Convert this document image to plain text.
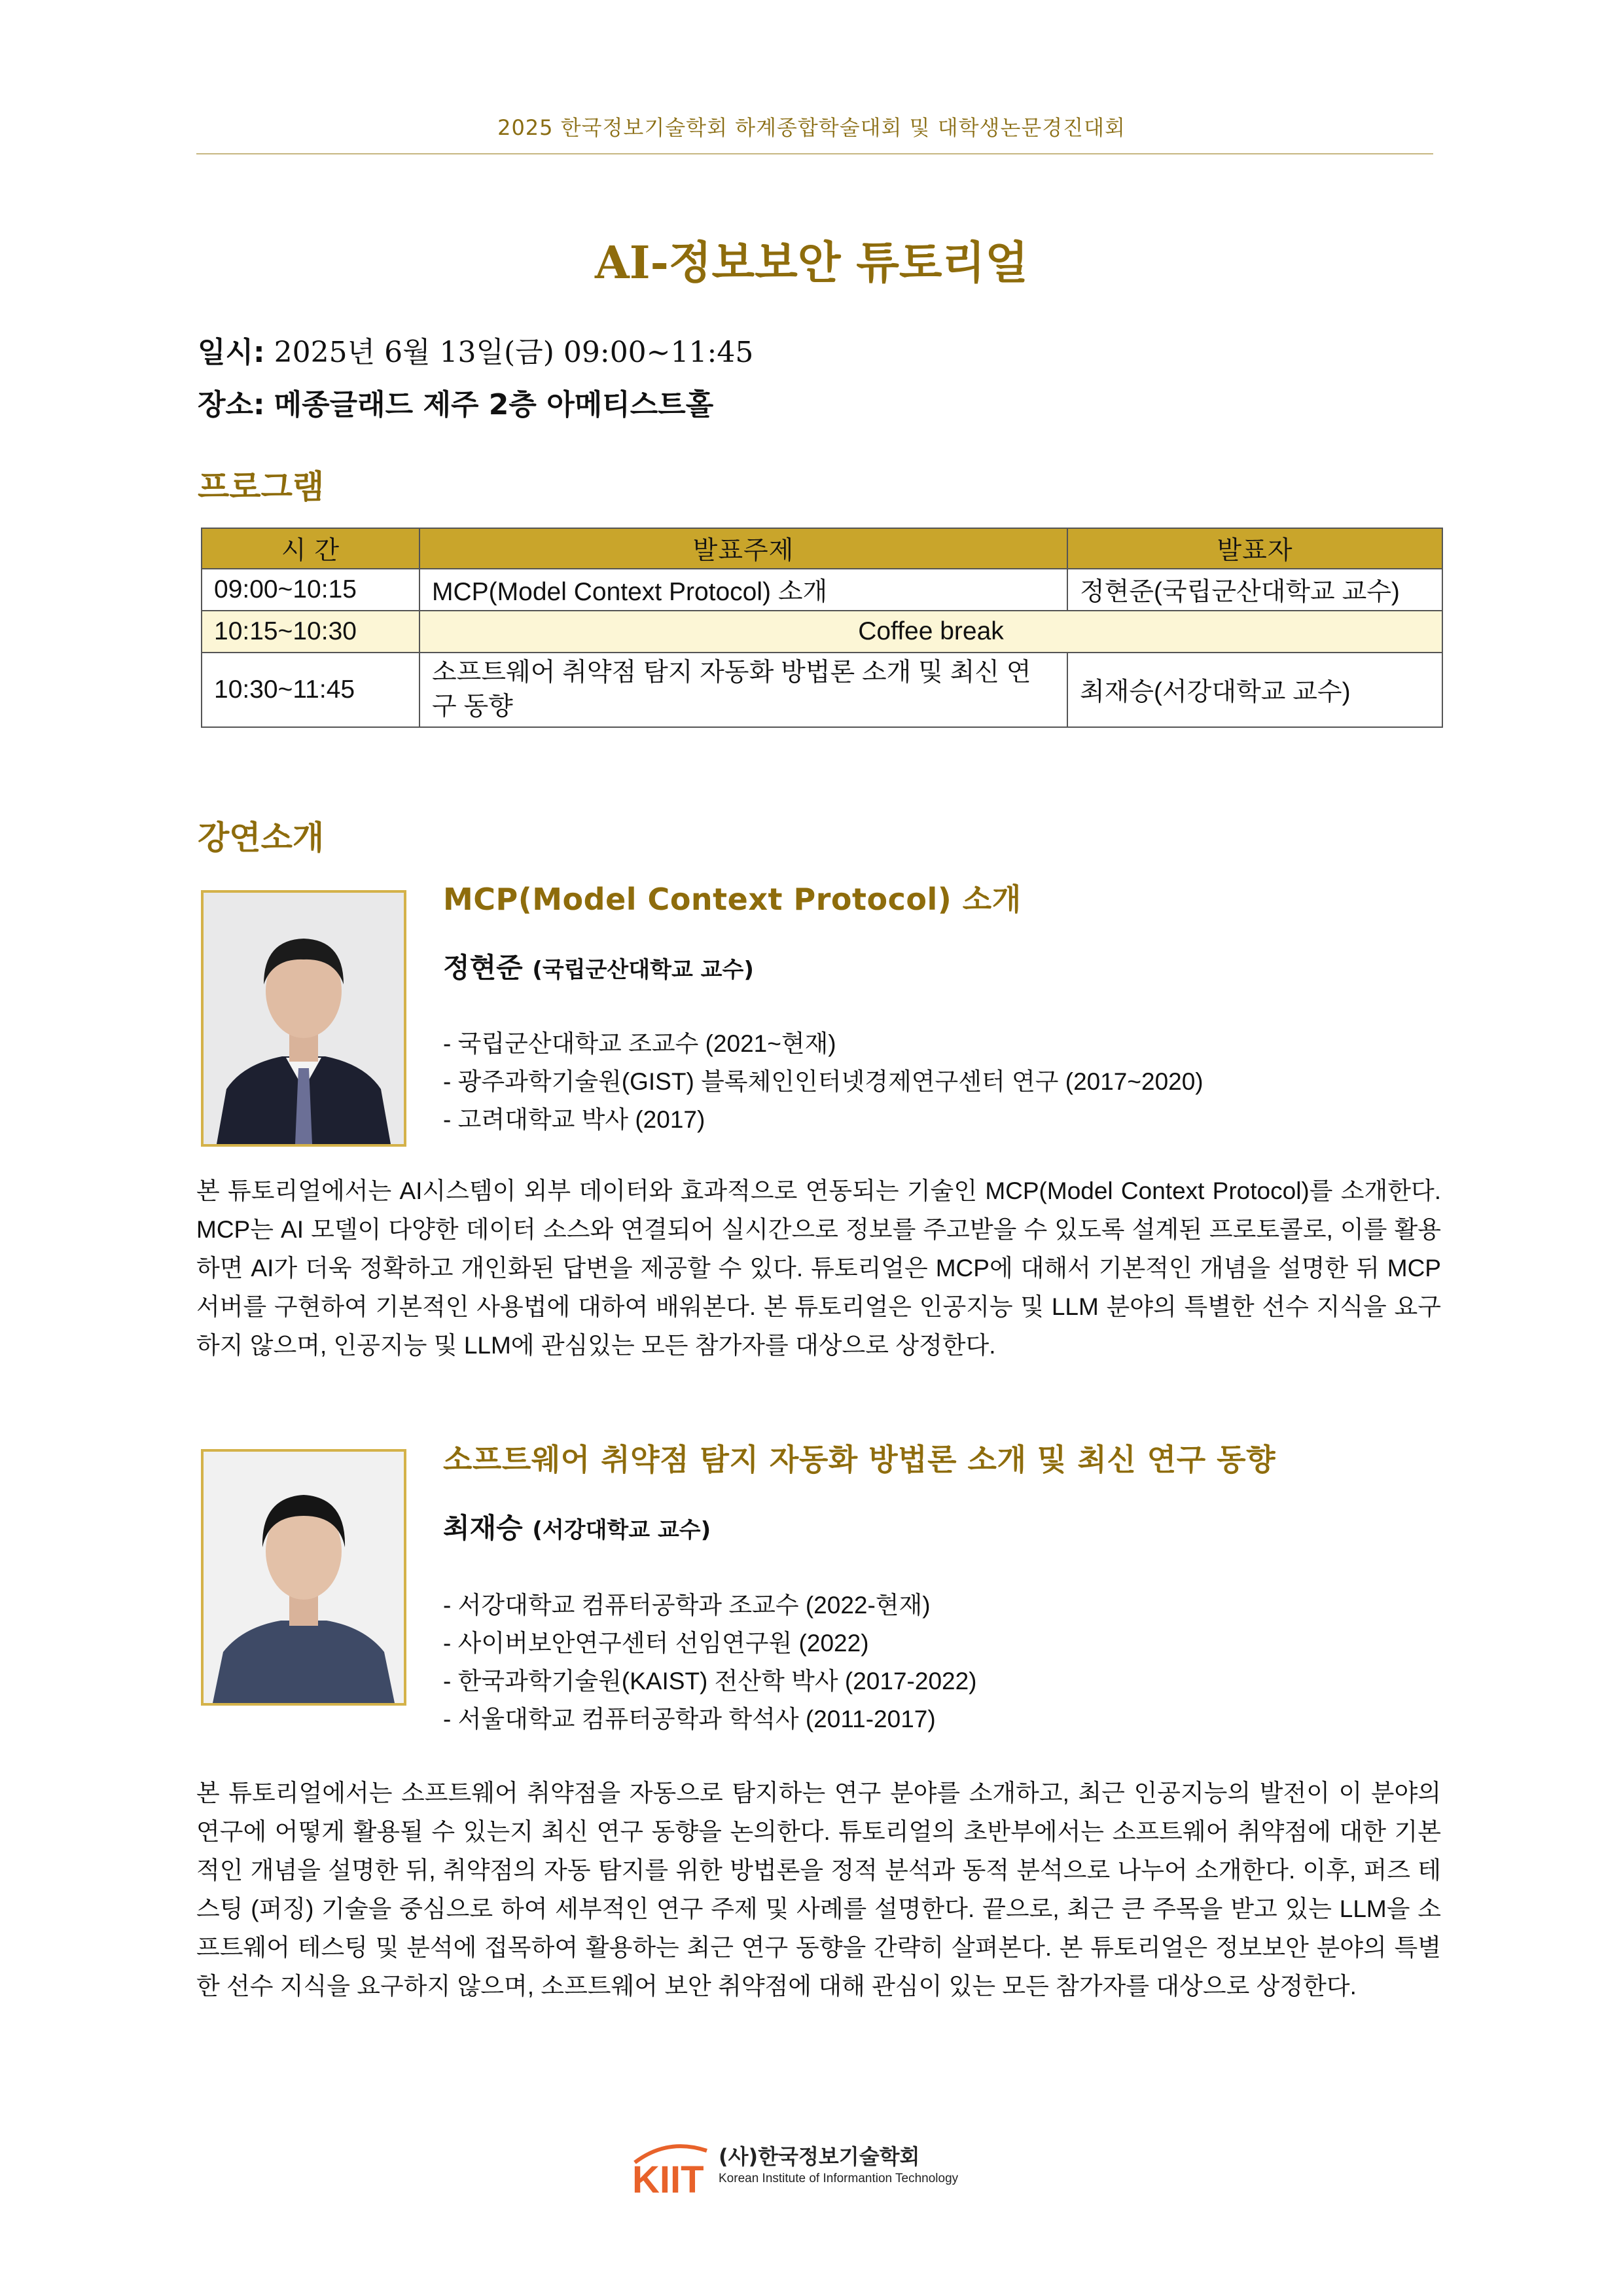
2025 한국정보기술학회 하계종합학술대회 및 대학생논문경진대회
AI-정보보안 튜토리얼
일시: 2025년 6월 13일(금) 09:00~11:45
장소: 메종글래드 제주 2층 아메티스트홀
프로그램
시 간	발표주제	발표자
09:00~10:15	MCP(Model Context Protocol) 소개	정현준(국립군산대학교 교수)
10:15~10:30	Coffee break	
10:30~11:45	소프트웨어 취약점 탐지 자동화 방법론 소개 및 최신 연구 동향	최재승(서강대학교 교수)
강연소개
MCP(Model Context Protocol) 소개
정현준 (국립군산대학교 교수)
- 국립군산대학교 조교수 (2021~현재)
- 광주과학기술원(GIST) 블록체인인터넷경제연구센터 연구 (2017~2020)
- 고려대학교 박사 (2017)
본 튜토리얼에서는 AI시스템이 외부 데이터와 효과적으로 연동되는 기술인 MCP(Model Context Protocol)를 소개한다. MCP는 AI 모델이 다양한 데이터 소스와 연결되어 실시간으로 정보를 주고받을 수 있도록 설계된 프로토콜로, 이를 활용하면 AI가 더욱 정확하고 개인화된 답변을 제공할 수 있다. 튜토리얼은 MCP에 대해서 기본적인 개념을 설명한 뒤 MCP서버를 구현하여 기본적인 사용법에 대하여 배워본다. 본 튜토리얼은 인공지능 및 LLM 분야의 특별한 선수 지식을 요구하지 않으며, 인공지능 및 LLM에 관심있는 모든 참가자를 대상으로 상정한다.
소프트웨어 취약점 탐지 자동화 방법론 소개 및 최신 연구 동향
최재승 (서강대학교 교수)
- 서강대학교 컴퓨터공학과 조교수 (2022-현재)
- 사이버보안연구센터 선임연구원 (2022)
- 한국과학기술원(KAIST) 전산학 박사 (2017-2022)
- 서울대학교 컴퓨터공학과 학석사 (2011-2017)
본 튜토리얼에서는 소프트웨어 취약점을 자동으로 탐지하는 연구 분야를 소개하고, 최근 인공지능의 발전이 이 분야의 연구에 어떻게 활용될 수 있는지 최신 연구 동향을 논의한다. 튜토리얼의 초반부에서는 소프트웨어 취약점에 대한 기본적인 개념을 설명한 뒤, 취약점의 자동 탐지를 위한 방법론을 정적 분석과 동적 분석으로 나누어 소개한다. 이후, 퍼즈 테스팅 (퍼징) 기술을 중심으로 하여 세부적인 연구 주제 및 사례를 설명한다. 끝으로, 최근 큰 주목을 받고 있는 LLM을 소프트웨어 테스팅 및 분석에 접목하여 활용하는 최근 연구 동향을 간략히 살펴본다. 본 튜토리얼은 정보보안 분야의 특별한 선수 지식을 요구하지 않으며, 소프트웨어 보안 취약점에 대해 관심이 있는 모든 참가자를 대상으로 상정한다.
KIIT
(사)한국정보기술학회
Korean Institute of Informantion Technology
